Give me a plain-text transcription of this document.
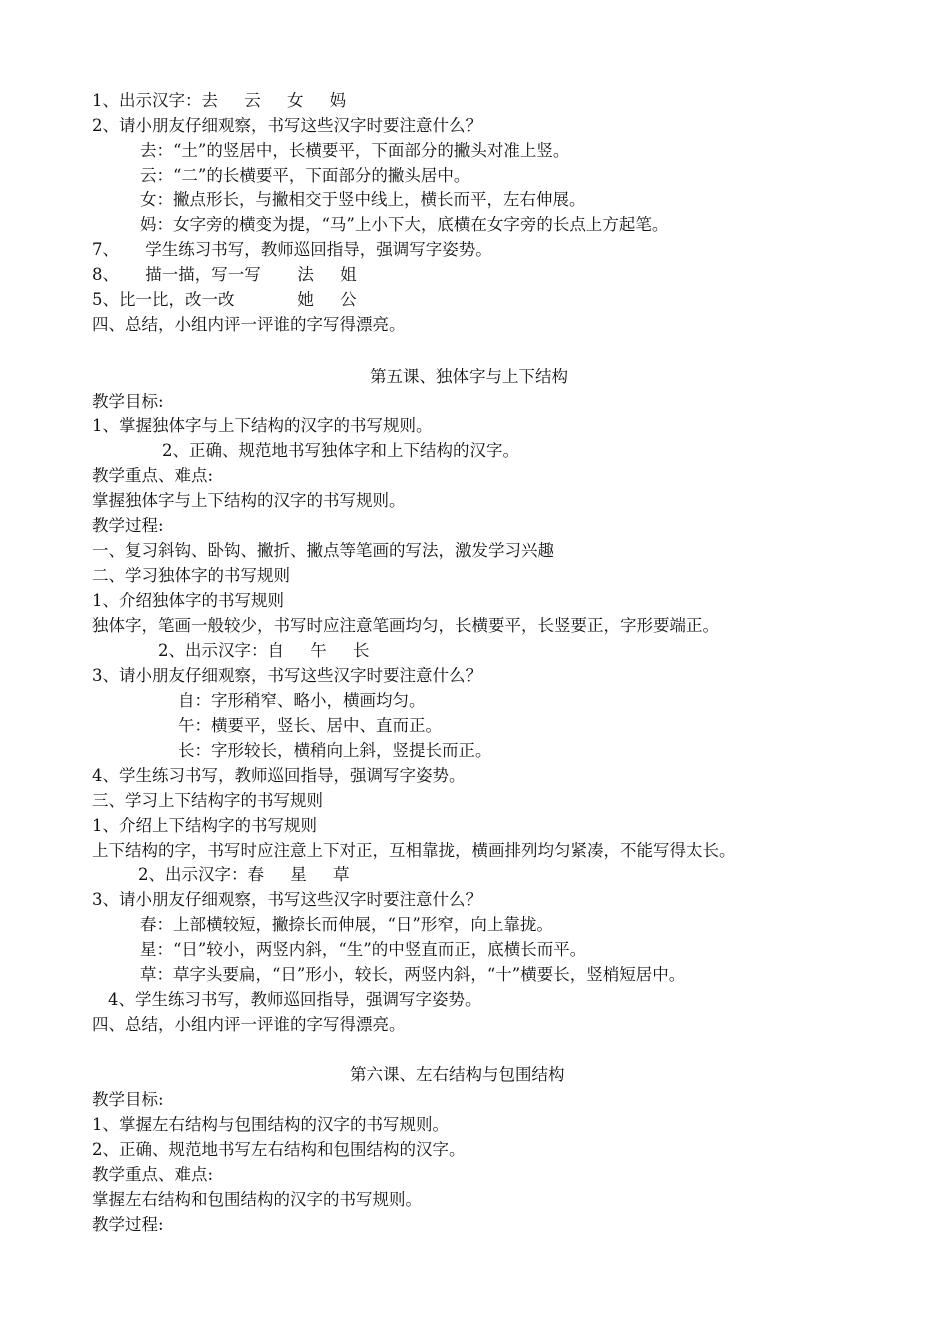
1、出示汉字：去     云     女     妈
2、请小朋友仔细观察，书写这些汉字时要注意什么？
去：“土”的竖居中，长横要平，下面部分的撇头对准上竖。
云：“二”的长横要平，下面部分的撇头居中。
女：撇点形长，与撇相交于竖中线上，横长而平，左右伸展。
妈：女字旁的横变为提，“马”上小下大，底横在女字旁的长点上方起笔。
7、     学生练习书写，教师巡回指导，强调写字姿势。
8、     描一描，写一写       法     姐
5、比一比，改一改            她     公
四、总结，小组内评一评谁的字写得漂亮。
第五课、独体字与上下结构
教学目标:
1、掌握独体字与上下结构的汉字的书写规则。
2、正确、规范地书写独体字和上下结构的汉字。
教学重点、难点:
掌握独体字与上下结构的汉字的书写规则。
教学过程:
一、复习斜钩、卧钩、撇折、撇点等笔画的写法，激发学习兴趣
二、学习独体字的书写规则
1、介绍独体字的书写规则
独体字，笔画一般较少，书写时应注意笔画均匀，长横要平，长竖要正，字形要端正。
2、出示汉字：自     午     长
3、请小朋友仔细观察，书写这些汉字时要注意什么？
自：字形稍窄、略小，横画均匀。
午：横要平，竖长、居中、直而正。
长：字形较长，横稍向上斜，竖提长而正。
4、学生练习书写，教师巡回指导，强调写字姿势。
三、学习上下结构字的书写规则
1、介绍上下结构字的书写规则
上下结构的字，书写时应注意上下对正，互相靠拢，横画排列均匀紧凑，不能写得太长。
2、出示汉字：春     星     草
3、请小朋友仔细观察，书写这些汉字时要注意什么？
春：上部横较短，撇捺长而伸展，“日”形窄，向上靠拢。
星：“日”较小，两竖内斜，“生”的中竖直而正，底横长而平。
草：草字头要扁，“日”形小，较长，两竖内斜，“十”横要长，竖梢短居中。
4、学生练习书写，教师巡回指导，强调写字姿势。
四、总结，小组内评一评谁的字写得漂亮。
第六课、左右结构与包围结构
教学目标:
1、掌握左右结构与包围结构的汉字的书写规则。
2、正确、规范地书写左右结构和包围结构的汉字。
教学重点、难点:
掌握左右结构和包围结构的汉字的书写规则。
教学过程:
